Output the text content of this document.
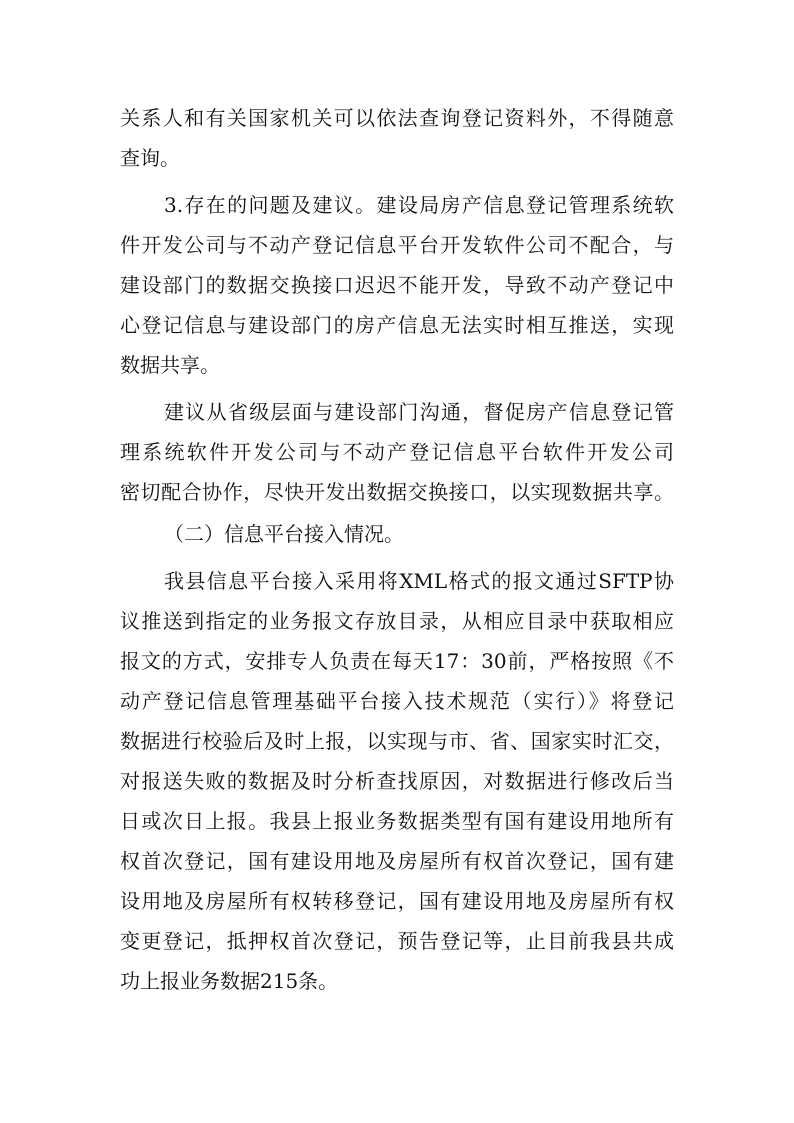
关系人和有关国家机关可以依法查询登记资料外，不得随意
查询。
3.存在的问题及建议。建设局房产信息登记管理系统软
件开发公司与不动产登记信息平台开发软件公司不配合，与
建设部门的数据交换接口迟迟不能开发，导致不动产登记中
心登记信息与建设部门的房产信息无法实时相互推送，实现
数据共享。
建议从省级层面与建设部门沟通，督促房产信息登记管
理系统软件开发公司与不动产登记信息平台软件开发公司
密切配合协作，尽快开发出数据交换接口，以实现数据共享。
（二）信息平台接入情况。
我县信息平台接入采用将XML格式的报文通过SFTP协
议推送到指定的业务报文存放目录，从相应目录中获取相应
报文的方式，安排专人负责在每天17：30前，严格按照《不
动产登记信息管理基础平台接入技术规范（实行）》将登记
数据进行校验后及时上报，以实现与市、省、国家实时汇交，
对报送失败的数据及时分析查找原因，对数据进行修改后当
日或次日上报。我县上报业务数据类型有国有建设用地所有
权首次登记，国有建设用地及房屋所有权首次登记，国有建
设用地及房屋所有权转移登记，国有建设用地及房屋所有权
变更登记，抵押权首次登记，预告登记等，止目前我县共成
功上报业务数据215条。
